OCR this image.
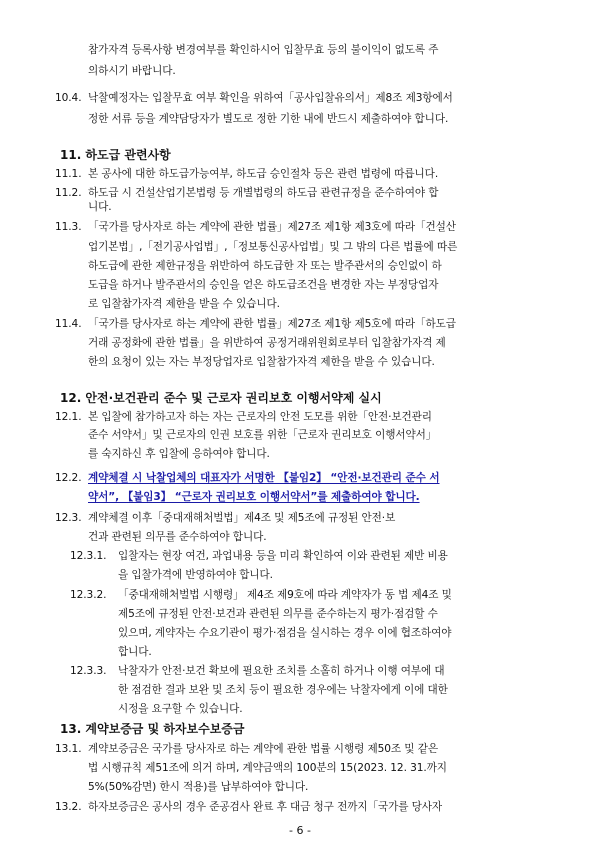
참가자격 등록사항 변경여부를 확인하시어 입찰무효 등의 불이익이 없도록 주
의하시기 바랍니다.
10.4. 낙찰예정자는 입찰무효 여부 확인을 위하여「공사입찰유의서」제8조 제3항에서
정한 서류 등을 계약담당자가 별도로 정한 기한 내에 반드시 제출하여야 합니다.
11. 하도급 관련사항
11.1. 본 공사에 대한 하도급가능여부, 하도급 승인절차 등은 관련 법령에 따릅니다.
11.2. 하도급 시 건설산업기본법령 등 개별법령의 하도급 관련규정을 준수하여야 합
니다.
11.3. 「국가를 당사자로 하는 계약에 관한 법률」제27조 제1항 제3호에 따라「건설산
업기본법」,「전기공사업법」,「정보통신공사업법」및 그 밖의 다른 법률에 따른
하도급에 관한 제한규정을 위반하여 하도급한 자 또는 발주관서의 승인없이 하
도급을 하거나 발주관서의 승인을 얻은 하도급조건을 변경한 자는 부정당업자
로 입찰참가자격 제한을 받을 수 있습니다.
11.4. 「국가를 당사자로 하는 계약에 관한 법률」제27조 제1항 제5호에 따라「하도급
거래 공정화에 관한 법률」을 위반하여 공정거래위원회로부터 입찰참가자격 제
한의 요청이 있는 자는 부정당업자로 입찰참가자격 제한을 받을 수 있습니다.
12. 안전·보건관리 준수 및 근로자 권리보호 이행서약제 실시
12.1. 본 입찰에 참가하고자 하는 자는 근로자의 안전 도모를 위한「안전·보건관리
준수 서약서」및 근로자의 인권 보호를 위한「근로자 권리보호 이행서약서」
를 숙지하신 후 입찰에 응하여야 합니다.
12.2. 계약체결 시 낙찰업체의 대표자가 서명한 【붙임2】 “안전·보건관리 준수 서
약서”, 【붙임3】 “근로자 권리보호 이행서약서”를 제출하여야 합니다.
12.3. 계약체결 이후「중대재해처벌법」제4조 및 제5조에 규정된 안전·보
건과 관련된 의무를 준수하여야 합니다.
12.3.1. 입찰자는 현장 여건, 과업내용 등을 미리 확인하여 이와 관련된 제반 비용
을 입찰가격에 반영하여야 합니다.
12.3.2. 「중대재해처벌법 시행령」 제4조 제9호에 따라 계약자가 동 법 제4조 및
제5조에 규정된 안전·보건과 관련된 의무를 준수하는지 평가·점검할 수
있으며, 계약자는 수요기관이 평가·점검을 실시하는 경우 이에 협조하여야
합니다.
12.3.3. 낙찰자가 안전·보건 확보에 필요한 조치를 소홀히 하거나 이행 여부에 대
한 점검한 결과 보완 및 조치 등이 필요한 경우에는 낙찰자에게 이에 대한
시정을 요구할 수 있습니다.
13. 계약보증금 및 하자보수보증금
13.1. 계약보증금은 국가를 당사자로 하는 계약에 관한 법률 시행령 제50조 및 같은
법 시행규칙 제51조에 의거 하며, 계약금액의 100분의 15(2023. 12. 31.까지
5%(50%감면) 한시 적용)를 납부하여야 합니다.
13.2. 하자보증금은 공사의 경우 준공검사 완료 후 대금 청구 전까지「국가를 당사자
- 6 -
